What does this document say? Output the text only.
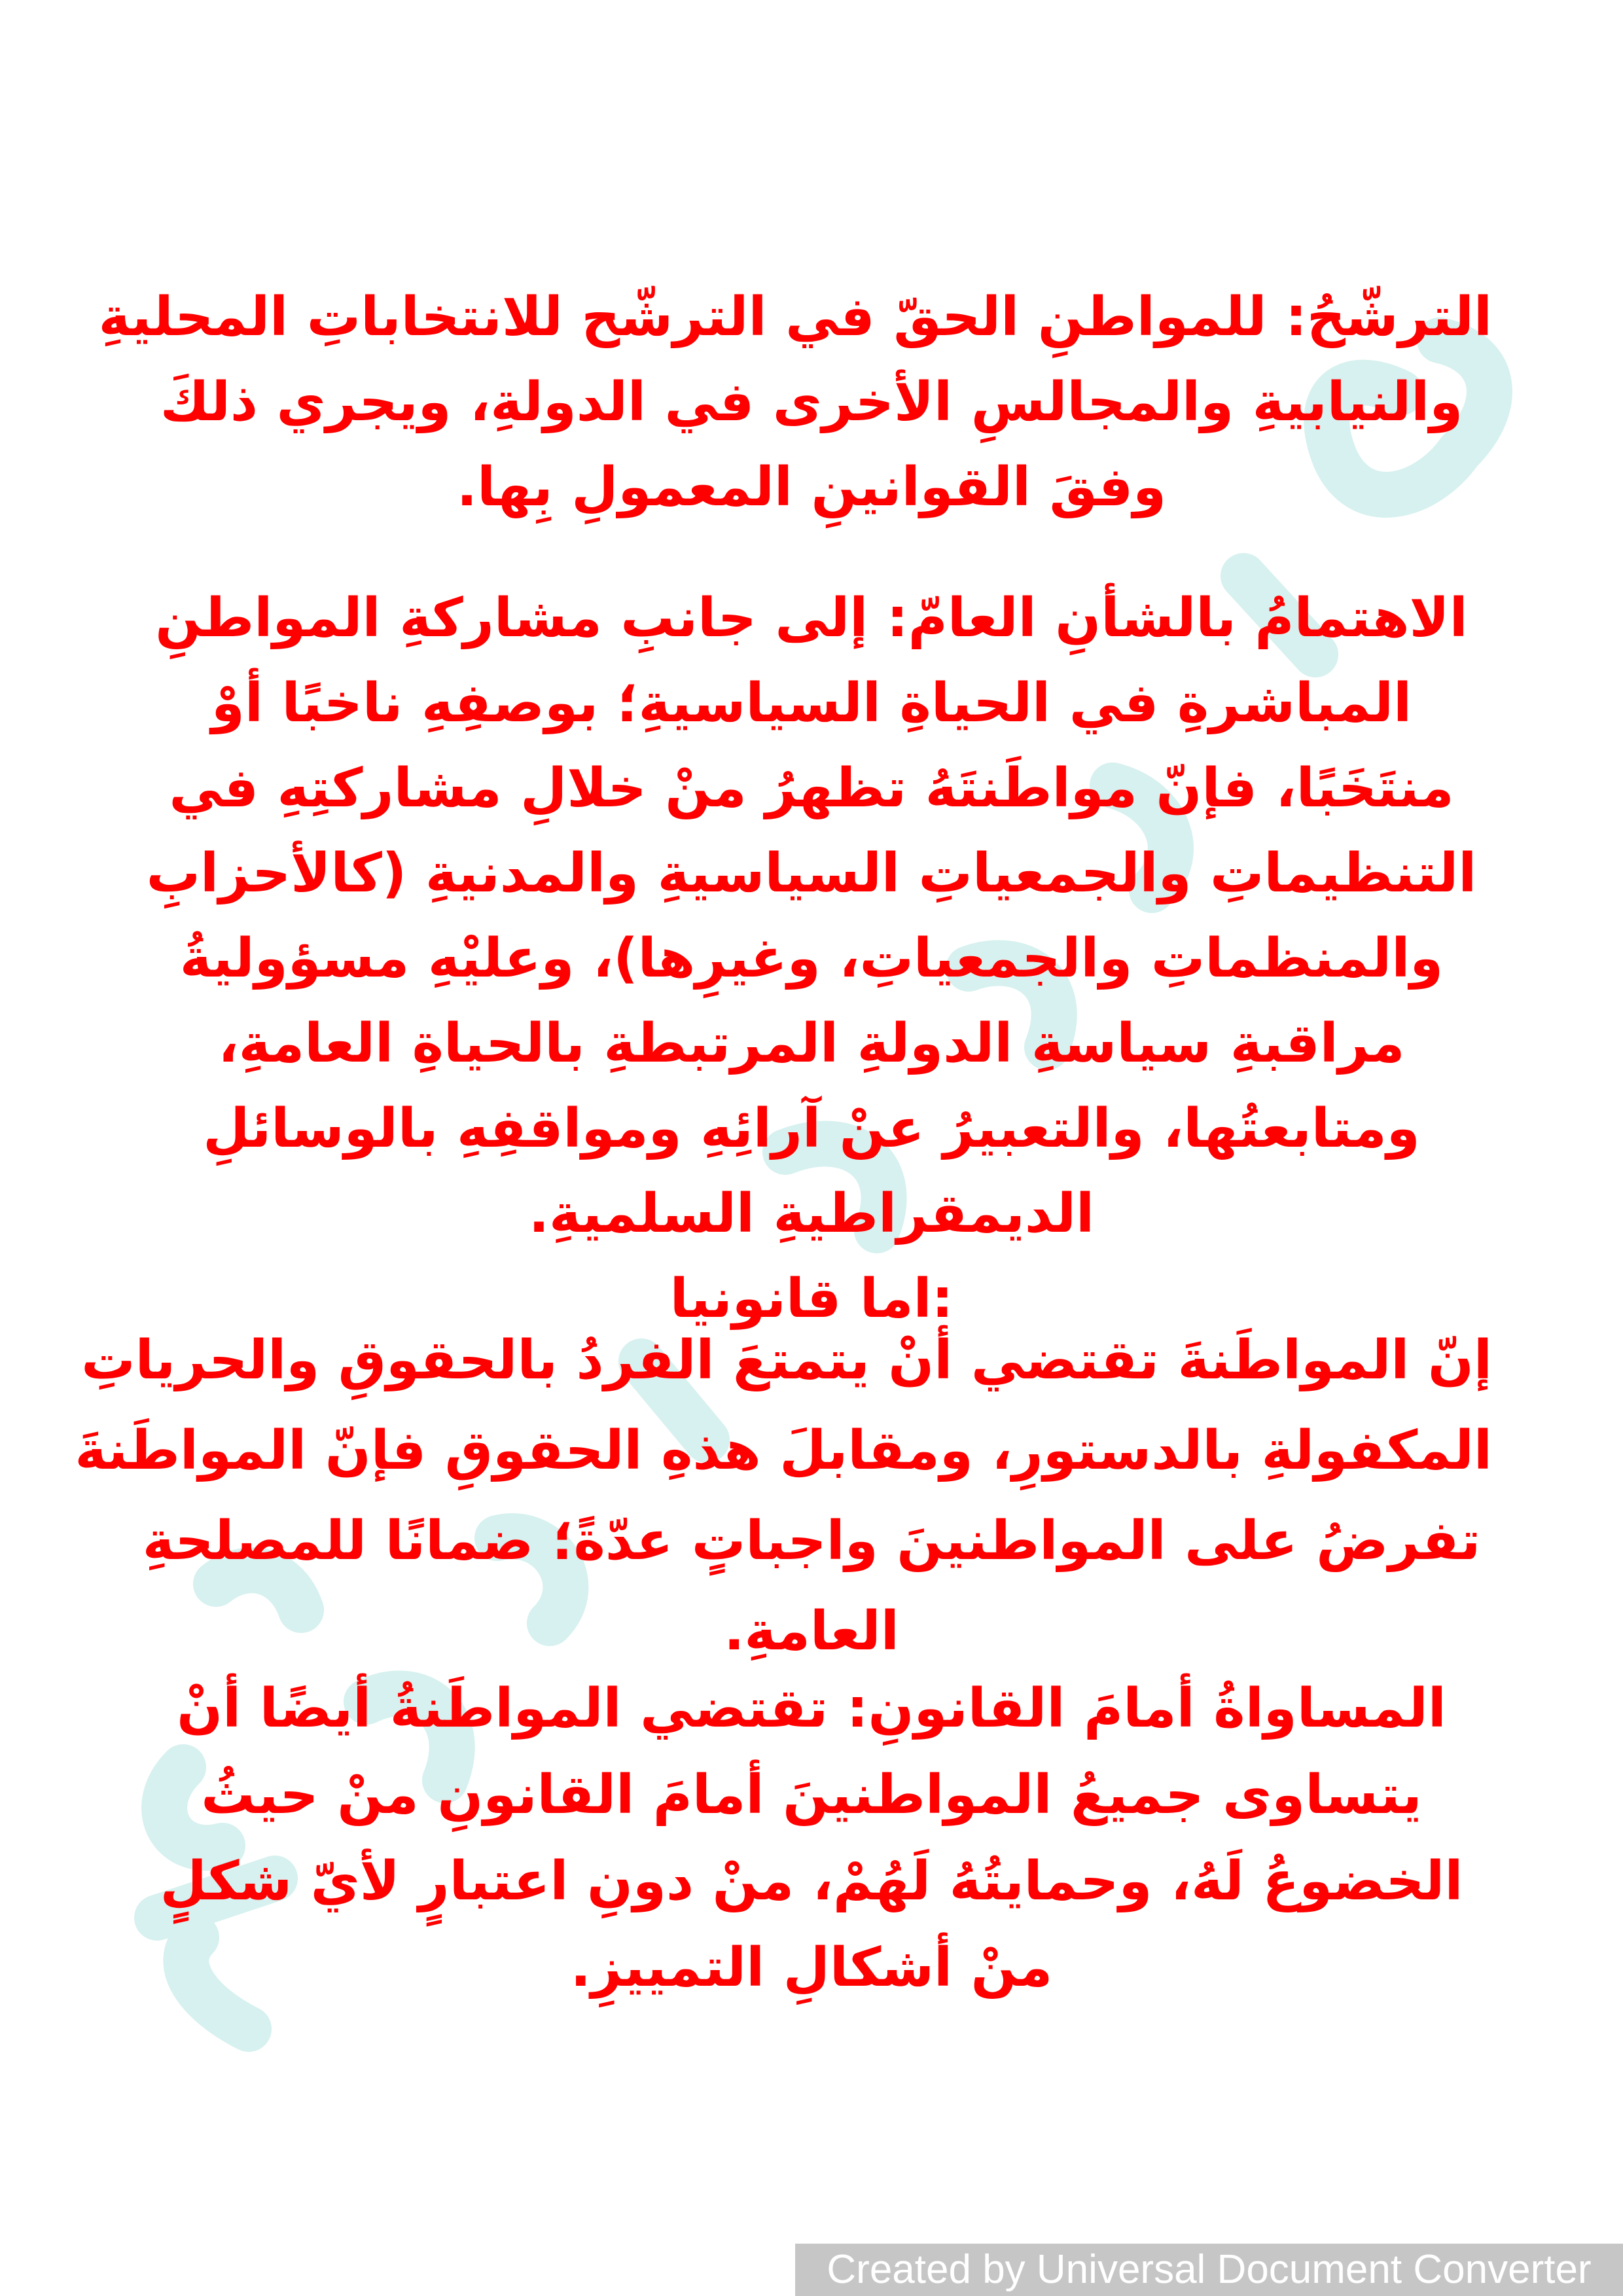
الترشّحُ: للمواطنِ الحقّ في الترشّح للانتخاباتِ المحليةِ

والنيابيةِ والمجالسِ الأخرى في الدولةِ، ويجري ذلكَ

وفقَ القوانينِ المعمولِ بِها.

الاهتمامُ بالشأنِ العامّ: إلى جانبِ مشاركةِ المواطنِ

المباشرةِ في الحياةِ السياسيةِ؛ بوصفِهِ ناخبًا أوْ

منتَخَبًا، فإنّ مواطَنتَهُ تظهرُ منْ خلالِ مشاركتِهِ في

التنظيماتِ والجمعياتِ السياسيةِ والمدنيةِ (كالأحزابِ

والمنظماتِ والجمعياتِ، وغيرِها)، وعليْهِ مسؤوليةُ

مراقبةِ سياسةِ الدولةِ المرتبطةِ بالحياةِ العامةِ،

ومتابعتُها، والتعبيرُ عنْ آرائِهِ ومواقفِهِ بالوسائلِ

الديمقراطيةِ السلميةِ.

:اما قانونيا

إنّ المواطَنةَ تقتضي أنْ يتمتعَ الفردُ بالحقوقِ والحرياتِ

المكفولةِ بالدستورِ، ومقابلَ هذهِ الحقوقِ فإنّ المواطَنةَ

تفرضُ على المواطنينَ واجباتٍ عدّةً؛ ضمانًا للمصلحةِ

العامةِ.

المساواةُ أمامَ القانونِ: تقتضي المواطَنةُ أيضًا أنْ

يتساوى جميعُ المواطنينَ أمامَ القانونِ منْ حيثُ

الخضوعُ لَهُ، وحمايتُهُ لَهُمْ، منْ دونِ اعتبارٍ لأيّ شكلٍ

منْ أشكالِ التمييزِ.

Created by Universal Document Converter
